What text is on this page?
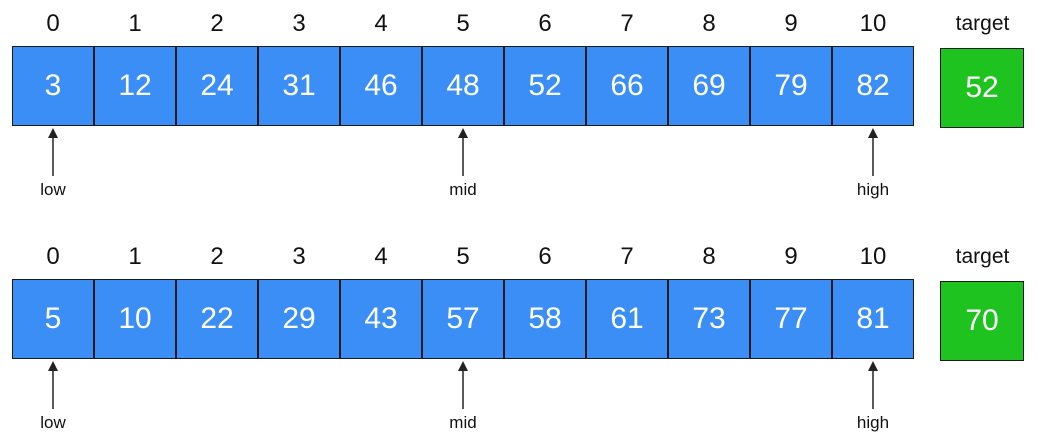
target
52
0	1	2	3	4	5	6	7	8	9	10
3	12	24	31	46	48	52	66	69	79	82
low	mid	high
target
70
0	1	2	3	4	5	6	7	8	9	10
5	10	22	29	43	57	58	61	73	77	81
low	mid	high
